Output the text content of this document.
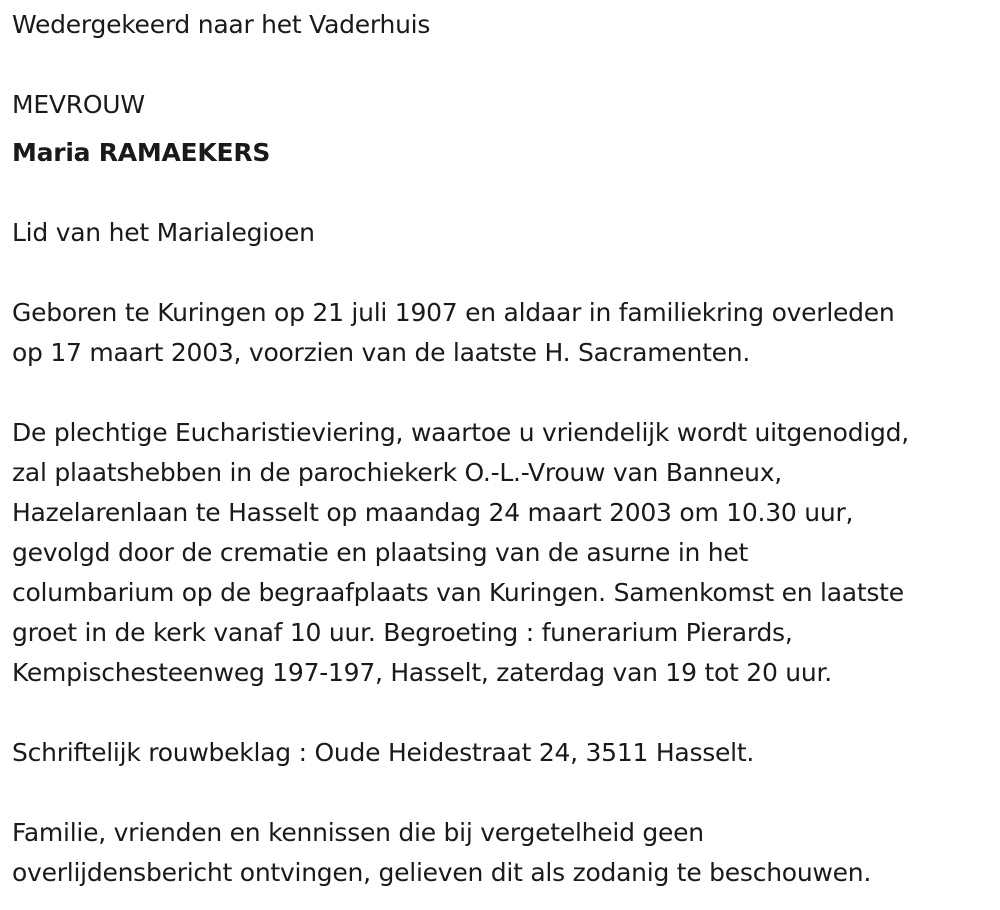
Wedergekeerd naar het Vaderhuis
MEVROUW
Maria RAMAEKERS
Lid van het Marialegioen
Geboren te Kuringen op 21 juli 1907 en aldaar in familiekring overleden
op 17 maart 2003, voorzien van de laatste H. Sacramenten.
De plechtige Eucharistieviering, waartoe u vriendelijk wordt uitgenodigd,
zal plaatshebben in de parochiekerk O.-L.-Vrouw van Banneux,
Hazelarenlaan te Hasselt op maandag 24 maart 2003 om 10.30 uur,
gevolgd door de crematie en plaatsing van de asurne in het
columbarium op de begraafplaats van Kuringen. Samenkomst en laatste
groet in de kerk vanaf 10 uur. Begroeting : funerarium Pierards,
Kempischesteenweg 197-197, Hasselt, zaterdag van 19 tot 20 uur.
Schriftelijk rouwbeklag : Oude Heidestraat 24, 3511 Hasselt.
Familie, vrienden en kennissen die bij vergetelheid geen
overlijdensbericht ontvingen, gelieven dit als zodanig te beschouwen.
